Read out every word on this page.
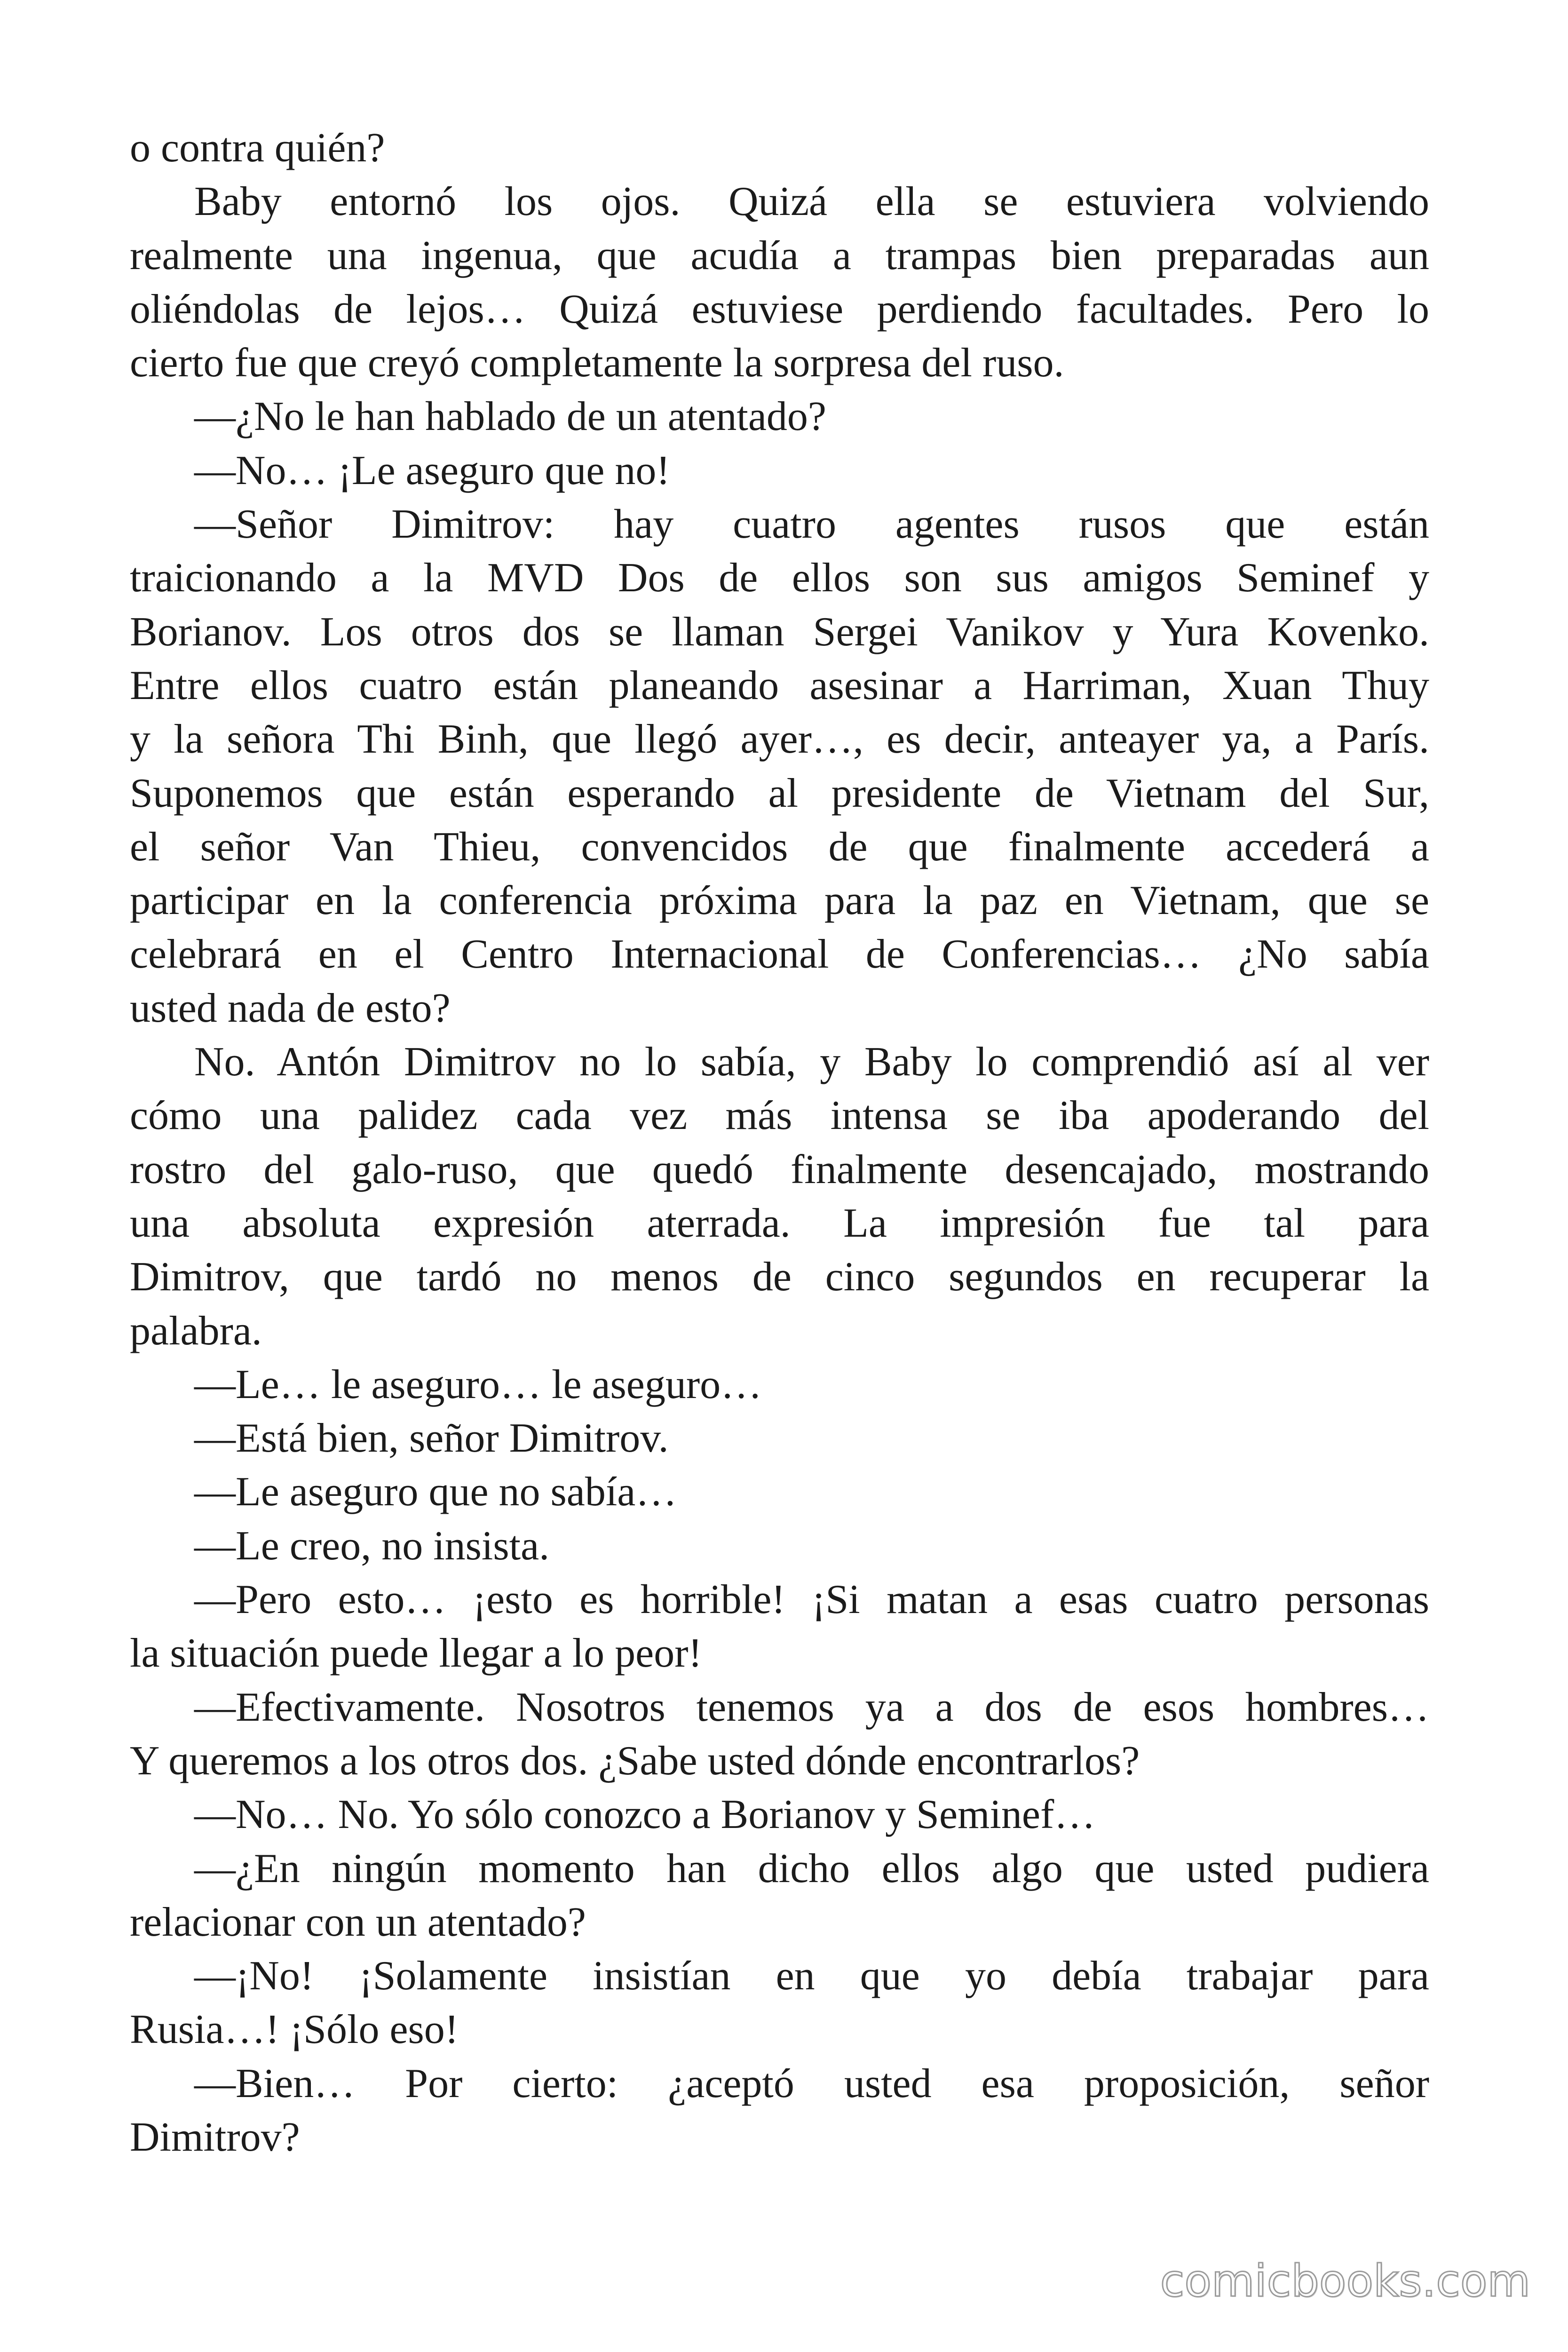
o contra quién?
Baby entornó los ojos. Quizá ella se estuviera volviendo
realmente una ingenua, que acudía a trampas bien preparadas aun
oliéndolas de lejos… Quizá estuviese perdiendo facultades. Pero lo
cierto fue que creyó completamente la sorpresa del ruso.
—¿No le han hablado de un atentado?
—No… ¡Le aseguro que no!
—Señor Dimitrov: hay cuatro agentes rusos que están
traicionando a la MVD Dos de ellos son sus amigos Seminef y
Borianov. Los otros dos se llaman Sergei Vanikov y Yura Kovenko.
Entre ellos cuatro están planeando asesinar a Harriman, Xuan Thuy
y la señora Thi Binh, que llegó ayer…, es decir, anteayer ya, a París.
Suponemos que están esperando al presidente de Vietnam del Sur,
el señor Van Thieu, convencidos de que finalmente accederá a
participar en la conferencia próxima para la paz en Vietnam, que se
celebrará en el Centro Internacional de Conferencias… ¿No sabía
usted nada de esto?
No. Antón Dimitrov no lo sabía, y Baby lo comprendió así al ver
cómo una palidez cada vez más intensa se iba apoderando del
rostro del galo-ruso, que quedó finalmente desencajado, mostrando
una absoluta expresión aterrada. La impresión fue tal para
Dimitrov, que tardó no menos de cinco segundos en recuperar la
palabra.
—Le… le aseguro… le aseguro…
—Está bien, señor Dimitrov.
—Le aseguro que no sabía…
—Le creo, no insista.
—Pero esto… ¡esto es horrible! ¡Si matan a esas cuatro personas
la situación puede llegar a lo peor!
—Efectivamente. Nosotros tenemos ya a dos de esos hombres…
Y queremos a los otros dos. ¿Sabe usted dónde encontrarlos?
—No… No. Yo sólo conozco a Borianov y Seminef…
—¿En ningún momento han dicho ellos algo que usted pudiera
relacionar con un atentado?
—¡No! ¡Solamente insistían en que yo debía trabajar para
Rusia…! ¡Sólo eso!
—Bien… Por cierto: ¿aceptó usted esa proposición, señor
Dimitrov?
comicbooks.com
